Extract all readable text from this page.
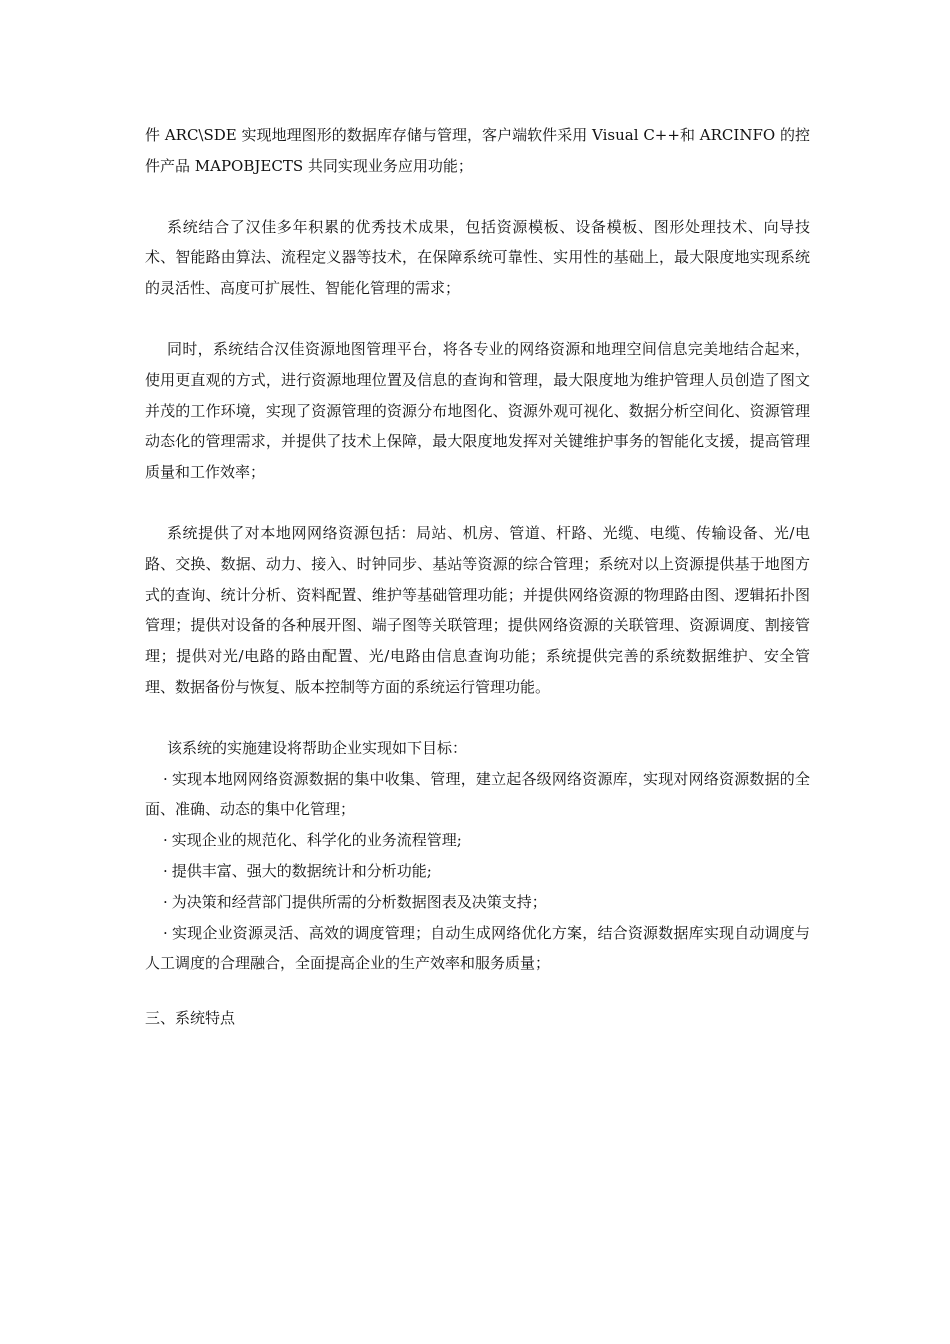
件 ARC\SDE 实现地理图形的数据库存储与管理，客户端软件采用 Visual C++和 ARCINFO 的控件产品 MAPOBJECTS 共同实现业务应用功能；

系统结合了汉佳多年积累的优秀技术成果，包括资源模板、设备模板、图形处理技术、向导技术、智能路由算法、流程定义器等技术，在保障系统可靠性、实用性的基础上，最大限度地实现系统的灵活性、高度可扩展性、智能化管理的需求；

同时，系统结合汉佳资源地图管理平台，将各专业的网络资源和地理空间信息完美地结合起来，使用更直观的方式，进行资源地理位置及信息的查询和管理，最大限度地为维护管理人员创造了图文并茂的工作环境，实现了资源管理的资源分布地图化、资源外观可视化、数据分析空间化、资源管理动态化的管理需求，并提供了技术上保障，最大限度地发挥对关键维护事务的智能化支援，提高管理质量和工作效率；

系统提供了对本地网网络资源包括：局站、机房、管道、杆路、光缆、电缆、传输设备、光/电路、交换、数据、动力、接入、时钟同步、基站等资源的综合管理；系统对以上资源提供基于地图方式的查询、统计分析、资料配置、维护等基础管理功能；并提供网络资源的物理路由图、逻辑拓扑图管理；提供对设备的各种展开图、端子图等关联管理；提供网络资源的关联管理、资源调度、割接管理；提供对光/电路的路由配置、光/电路由信息查询功能；系统提供完善的系统数据维护、安全管理、数据备份与恢复、版本控制等方面的系统运行管理功能。

该系统的实施建设将帮助企业实现如下目标：

· 实现本地网网络资源数据的集中收集、管理，建立起各级网络资源库，实现对网络资源数据的全面、准确、动态的集中化管理；
· 实现企业的规范化、科学化的业务流程管理;
· 提供丰富、强大的数据统计和分析功能;
· 为决策和经营部门提供所需的分析数据图表及决策支持；
· 实现企业资源灵活、高效的调度管理；自动生成网络优化方案，结合资源数据库实现自动调度与人工调度的合理融合，全面提高企业的生产效率和服务质量；

三、系统特点
